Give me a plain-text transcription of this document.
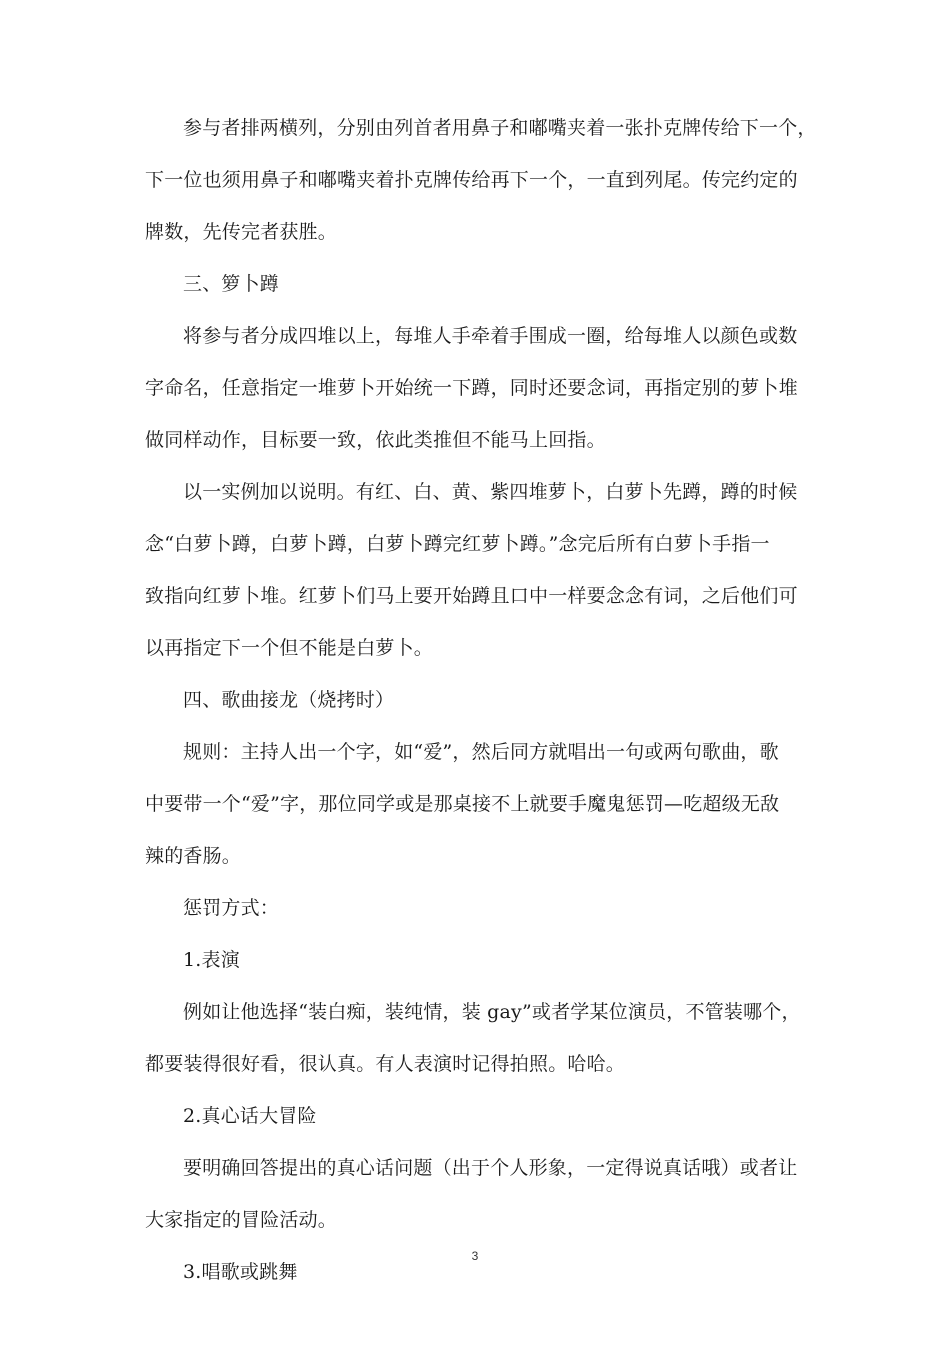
参与者排两横列，分别由列首者用鼻子和嘟嘴夹着一张扑克牌传给下一个，
下一位也须用鼻子和嘟嘴夹着扑克牌传给再下一个，一直到列尾。传完约定的
牌数，先传完者获胜。
三、箩卜蹲
将参与者分成四堆以上，每堆人手牵着手围成一圈，给每堆人以颜色或数
字命名，任意指定一堆萝卜开始统一下蹲，同时还要念词，再指定别的萝卜堆
做同样动作，目标要一致，依此类推但不能马上回指。
以一实例加以说明。有红、白、黄、紫四堆萝卜，白萝卜先蹲，蹲的时候
念“白萝卜蹲，白萝卜蹲，白萝卜蹲完红萝卜蹲。”念完后所有白萝卜手指一
致指向红萝卜堆。红萝卜们马上要开始蹲且口中一样要念念有词，之后他们可
以再指定下一个但不能是白萝卜。
四、歌曲接龙（烧拷时）
规则：主持人出一个字，如“爱”，然后同方就唱出一句或两句歌曲，歌
中要带一个“爱”字，那位同学或是那桌接不上就要手魔鬼惩罚—吃超级无敌
辣的香肠。
惩罚方式：
1.表演
例如让他选择“装白痴，装纯情，装 gay”或者学某位演员，不管装哪个，
都要装得很好看，很认真。有人表演时记得拍照。哈哈。
2.真心话大冒险
要明确回答提出的真心话问题（出于个人形象，一定得说真话哦）或者让
大家指定的冒险活动。
3.唱歌或跳舞
3
